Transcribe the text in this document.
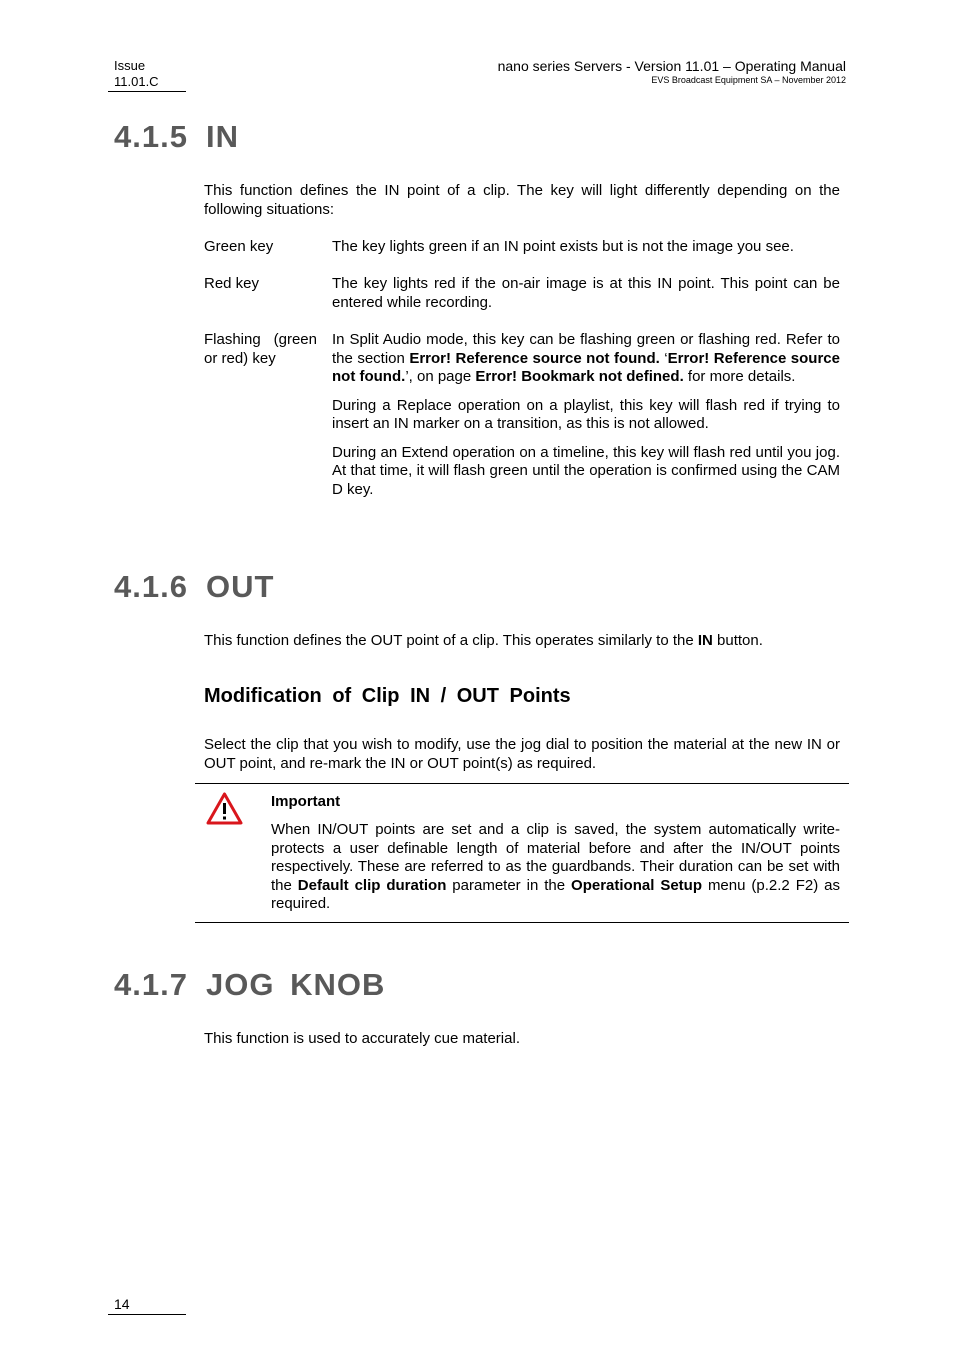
Issue
11.01.C
nano series Servers - Version 11.01 – Operating Manual
EVS Broadcast Equipment SA – November 2012
4.1.5 IN
This function defines the IN point of a clip. The key will light differently depending on the following situations:
Green key	The key lights green if an IN point exists but is not the image you see.
Red key	The key lights red if the on-air image is at this IN point. This point can be entered while recording.
Flashing (green or red) key

In Split Audio mode, this key can be flashing green or flashing red. Refer to the section Error! Reference source not found. ‘Error! Reference source not found.’, on page Error! Bookmark not defined. for more details.

During a Replace operation on a playlist, this key will flash red if trying to insert an IN marker on a transition, as this is not allowed.

During an Extend operation on a timeline, this key will flash red until you jog. At that time, it will flash green until the operation is confirmed using the CAM D key.

4.1.6 OUT
This function defines the OUT point of a clip. This operates similarly to the IN button.
Modification of Clip IN / OUT Points
Select the clip that you wish to modify, use the jog dial to position the material at the new IN or OUT point, and re-mark the IN or OUT point(s) as required.
Important
When IN/OUT points are set and a clip is saved, the system automatically write-protects a user definable length of material before and after the IN/OUT points respectively. These are referred to as the guardbands. Their duration can be set with the Default clip duration parameter in the Operational Setup menu (p.2.2 F2) as required.
4.1.7 JOG KNOB
This function is used to accurately cue material.
14
